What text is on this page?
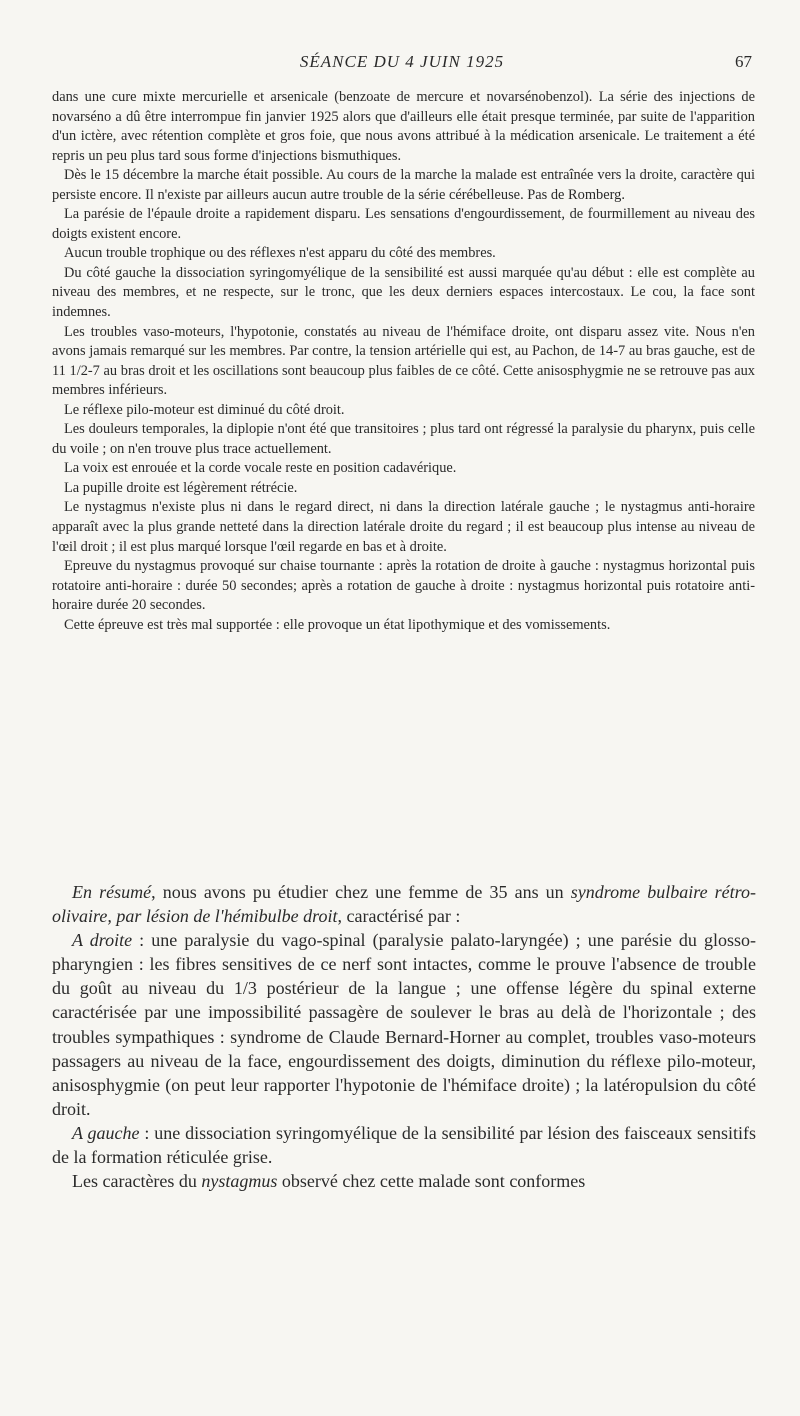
SÉANCE DU 4 JUIN 1925	67

dans une cure mixte mercurielle et arsenicale (benzoate de mercure et novarsénobenzol). La série des injections de novarséno a dû être interrompue fin janvier 1925 alors que d'ailleurs elle était presque terminée, par suite de l'apparition d'un ictère, avec rétention complète et gros foie, que nous avons attribué à la médication arsenicale. Le traitement a été repris un peu plus tard sous forme d'injections bismuthiques.

Dès le 15 décembre la marche était possible. Au cours de la marche la malade est entraînée vers la droite, caractère qui persiste encore. Il n'existe par ailleurs aucun autre trouble de la série cérébelleuse. Pas de Romberg.

La parésie de l'épaule droite a rapidement disparu. Les sensations d'engourdissement, de fourmillement au niveau des doigts existent encore.

Aucun trouble trophique ou des réflexes n'est apparu du côté des membres.

Du côté gauche la dissociation syringomyélique de la sensibilité est aussi marquée qu'au début : elle est complète au niveau des membres, et ne respecte, sur le tronc, que les deux derniers espaces intercostaux. Le cou, la face sont indemnes.

Les troubles vaso-moteurs, l'hypotonie, constatés au niveau de l'hémiface droite, ont disparu assez vite. Nous n'en avons jamais remarqué sur les membres. Par contre, la tension artérielle qui est, au Pachon, de 14-7 au bras gauche, est de 11 1/2-7 au bras droit et les oscillations sont beaucoup plus faibles de ce côté. Cette anisosphygmie ne se retrouve pas aux membres inférieurs.

Le réflexe pilo-moteur est diminué du côté droit.

Les douleurs temporales, la diplopie n'ont été que transitoires ; plus tard ont régressé la paralysie du pharynx, puis celle du voile ; on n'en trouve plus trace actuellement.

La voix est enrouée et la corde vocale reste en position cadavérique.

La pupille droite est légèrement rétrécie.

Le nystagmus n'existe plus ni dans le regard direct, ni dans la direction latérale gauche ; le nystagmus anti-horaire apparaît avec la plus grande netteté dans la direction latérale droite du regard ; il est beaucoup plus intense au niveau de l'œil droit ; il est plus marqué lorsque l'œil regarde en bas et à droite.

Epreuve du nystagmus provoqué sur chaise tournante : après la rotation de droite à gauche : nystagmus horizontal puis rotatoire anti-horaire : durée 50 secondes; après a rotation de gauche à droite : nystagmus horizontal puis rotatoire anti-horaire durée 20 secondes.

Cette épreuve est très mal supportée : elle provoque un état lipothymique et des vomissements.

En résumé, nous avons pu étudier chez une femme de 35 ans un syndrome bulbaire rétro-olivaire, par lésion de l'hémibulbe droit, caractérisé par :

A droite : une paralysie du vago-spinal (paralysie palato-laryngée) ; une parésie du glosso-pharyngien : les fibres sensitives de ce nerf sont intactes, comme le prouve l'absence de trouble du goût au niveau du 1/3 postérieur de la langue ; une offense légère du spinal externe caractérisée par une impossibilité passagère de soulever le bras au delà de l'horizontale ; des troubles sympathiques : syndrome de Claude Bernard-Horner au complet, troubles vaso-moteurs passagers au niveau de la face, engourdissement des doigts, diminution du réflexe pilo-moteur, anisosphygmie (on peut leur rapporter l'hypotonie de l'hémiface droite) ; la latéropulsion du côté droit.

A gauche : une dissociation syringomyélique de la sensibilité par lésion des faisceaux sensitifs de la formation réticulée grise.

Les caractères du nystagmus observé chez cette malade sont conformes
